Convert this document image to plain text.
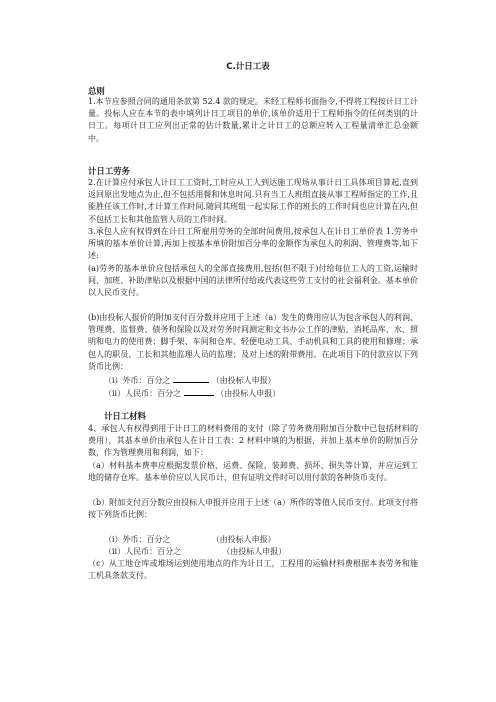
C.计日工表
总则

1.本节应参照合同的通用条款第 52.4 款的规定。未经工程师书面指令,不得将工程按计日工计量。投标人应在本节的表中填列计日工项目的单价,该单价适用于工程师指令的任何类别的计日工。每项计日工应列出正常的估计数量,累计之计日工的总额应转入工程量清单汇总金额中。

计日工劳务

2.在计算应付承包人计日工工资时,工时应从工人到达施工现场从事计日工具体项目算起,直到返回原出发地点为止,但不包括用餐和休息时间.只有当工人班组直接从事工程师指定的工作,且能胜任该工作时,才计算工作时间.随同其班组一起实际工作的班长的工作时间也应计算在内,但不包括工长和其他监管人员的工作时间。

3.承包人应有权得到在计日工所雇用劳务的全部时间费用,按承包人在计日工单价表 1.劳务中所填的基本单价计算,再加上按基本单价附加百分率的金额作为承包人的利润、管理费等,如下述:

(a)劳务的基本单价应包括承包人的全部直接费用,包括(但不限于)付给每位工人的工资,运输时间、加班、补助津贴以及根据中国的法律所付给或代表这些劳工支付的社会福利金。基本单价以人民币支付。

(b)由投标人报价的附加支付百分数并应用于上述（a）发生的费用应认为包含承包人的利润、管理费、监督费、债务和保险以及对劳务时间测定和文书办公工作的津贴，消耗品库、水、照明和电力的使用费；脚手架、车间和仓库、轻便电动工具、手动机具和工具的使用和修理；承包人的职员、工长和其他监理人员的监理；及对上述的附带费用。在此项目下的付款应以下列货币比例：

（i）外币：百分之	（由投标人申报）
（ii）人民币：百分之	（由投标人申报）
计日工材料

4、承包人有权得到用于计日工的材料费用的支付（除了劳务费用附加百分数中已包括材料的费用），其基本单价由承包人在计日工表：2 材料中填的为根据，并加上基本单价的附加百分数，作为管理费用和利润，如下：

（a）材料基本费率应根据发票价格、运费、保险、装卸费、损坏、损失等计算，并应运到工地的储存仓库。基本单价应以人民币计，但有证明文件时可以用付款的各种货币支付。

（b）附加支付百分数应由投标人申报并应用于上述（a）所作的等值人民币支付。此项支付将按下列货币比例：

（i）外币：百分之	（由投标人申报）
（ii）人民币：百分之	（由投标人申报）

（c）从工地仓库或堆场运到使用地点的作为计日工，工程用的运输材料费根据本表劳务和施工机具条款支付。
